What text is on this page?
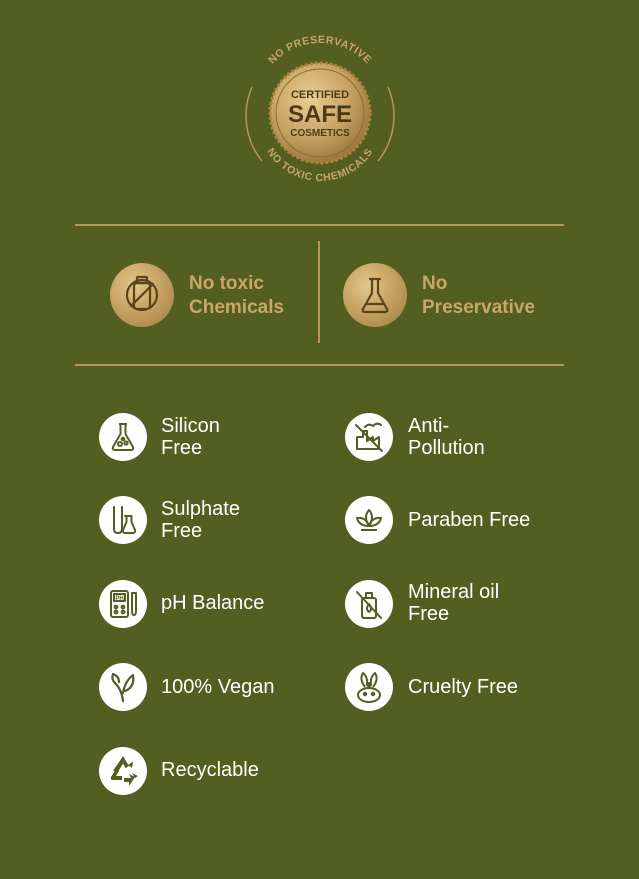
NO PRESERVATIVE
NO TOXIC CHEMICALS
CERTIFIED
SAFE
COSMETICS
No toxic
Chemicals
No
Preservative
Silicon
Free
Anti-
Pollution
Sulphate
Free	Paraben Free
PH pH Balance	Mineral oil
Free
100% Vegan	Cruelty Free
Recyclable
